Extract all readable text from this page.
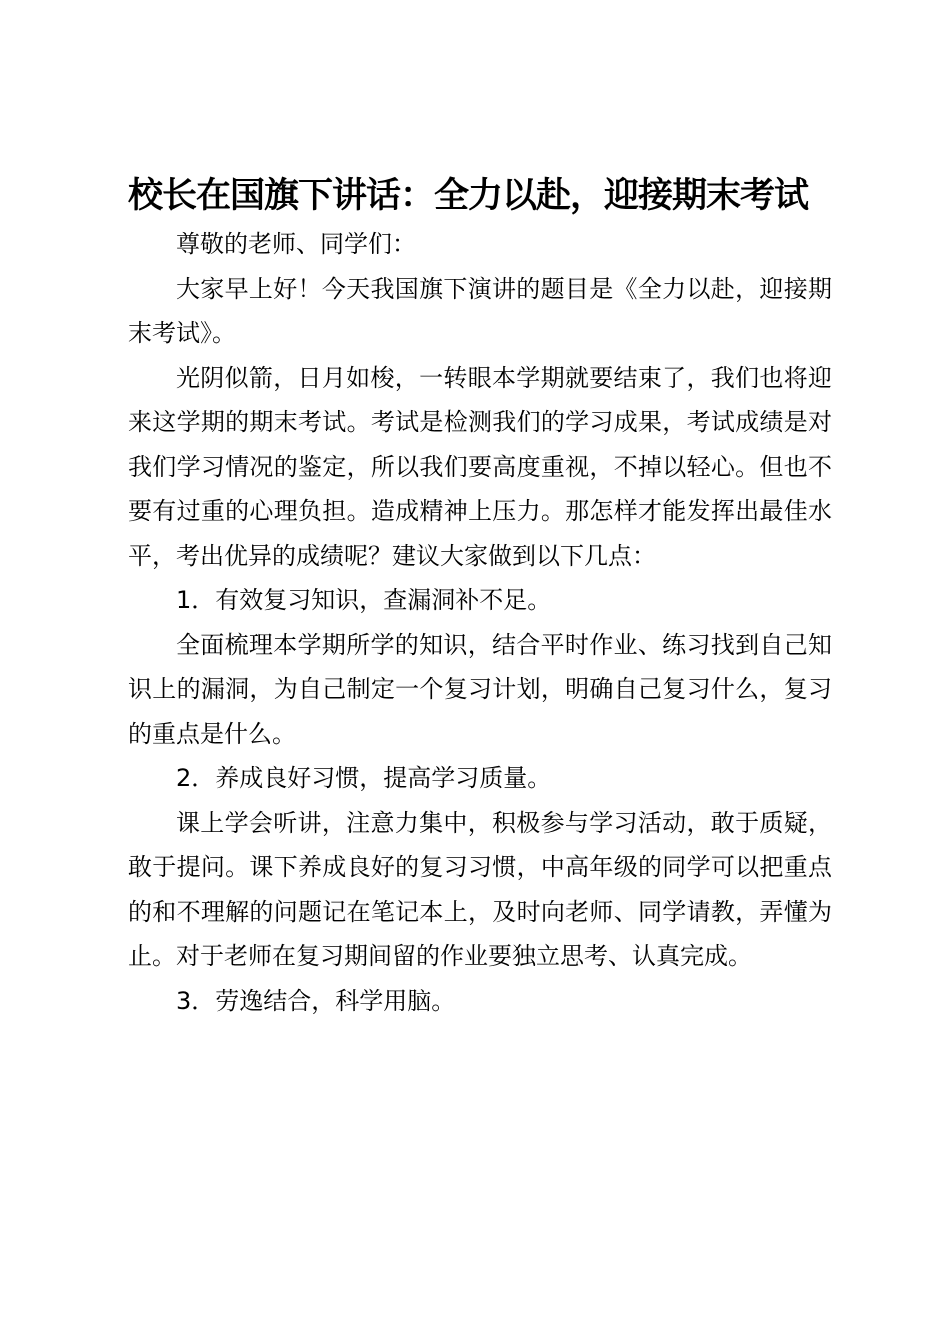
校长在国旗下讲话：全力以赴，迎接期末考试

尊敬的老师、同学们：

大家早上好！今天我国旗下演讲的题目是《全力以赴，迎接期末考试》。

光阴似箭，日月如梭，一转眼本学期就要结束了，我们也将迎来这学期的期末考试。考试是检测我们的学习成果，考试成绩是对我们学习情况的鉴定，所以我们要高度重视，不掉以轻心。但也不要有过重的心理负担。造成精神上压力。那怎样才能发挥出最佳水平，考出优异的成绩呢？建议大家做到以下几点：

1．有效复习知识，查漏洞补不足。

全面梳理本学期所学的知识，结合平时作业、练习找到自己知识上的漏洞，为自己制定一个复习计划，明确自己复习什么，复习的重点是什么。

2．养成良好习惯，提高学习质量。

课上学会听讲，注意力集中，积极参与学习活动，敢于质疑，敢于提问。课下养成良好的复习习惯，中高年级的同学可以把重点的和不理解的问题记在笔记本上，及时向老师、同学请教，弄懂为止。对于老师在复习期间留的作业要独立思考、认真完成。

3．劳逸结合，科学用脑。
